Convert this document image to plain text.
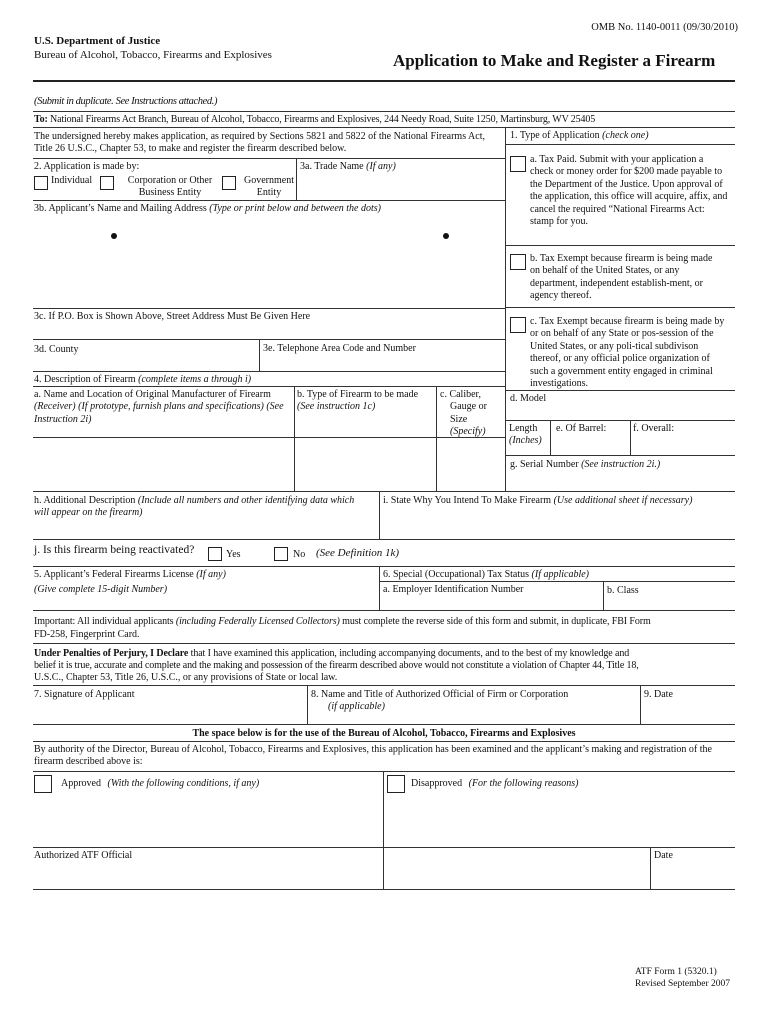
OMB No. 1140-0011 (09/30/2010)
U.S. Department of Justice
Bureau of Alcohol, Tobacco, Firearms and Explosives	Application to Make and Register a Firearm
(Submit in duplicate. See Instructions attached.)
To: National Firearms Act Branch, Bureau of Alcohol, Tobacco, Firearms and Explosives, 244 Needy Road, Suite 1250, Martinsburg, WV 25405
The undersigned hereby makes application, as required by Sections 5821 and 5822 of the National Firearms Act, Title 26 U.S.C., Chapter 53, to make and register the firearm described below.
1. Type of Application (check one)
a. Tax Paid. Submit with your application a check or money order for $200 made payable to the Department of the Justice. Upon approval of the application, this office will acquire, affix, and cancel the required “National Firearms Act: stamp for you.
b. Tax Exempt because firearm is being made on behalf of the United States, or any department, independent establish-ment, or agency thereof.
c. Tax Exempt because firearm is being made by or on behalf of any State or pos-session of the United States, or any poli-tical subdivison thereof, or any official police organization of such a government entity engaged in criminal investigations.
2. Application is made by:
Individual	Corporation or Other Business Entity
Government Entity
3a. Trade Name (If any)
3b. Applicant’s Name and Mailing Address (Type or print below and between the dots)
3c. If P.O. Box is Shown Above, Street Address Must Be Given Here
3d. County	3e. Telephone Area Code and Number
4. Description of Firearm (complete items a through i)
a. Name and Location of Original Manufacturer of Firearm (Receiver) (If prototype, furnish plans and specifications) (See Instruction 2i)
b. Type of Firearm to be made (See instruction 1c)
c. Caliber, Gauge or Size
(Specify)
d. Model
Length
(Inches)
e. Of Barrel:	f. Overall:
g. Serial Number (See instruction 2i.)
h. Additional Description (Include all numbers and other identifying data which will appear on the firearm)
i. State Why You Intend To Make Firearm (Use additional sheet if necessary)
j. Is this firearm being reactivated?	Yes	No (See Definition 1k)
5. Applicant’s Federal Firearms License (If any)
(Give complete 15-digit Number)
6. Special (Occupational) Tax Status (If applicable)
a. Employer Identification Number	b. Class
Important: All individual applicants (including Federally Licensed Collectors) must complete the reverse side of this form and submit, in duplicate, FBI Form
FD-258, Fingerprint Card.
Under Penalties of Perjury, I Declare that I have examined this application, including accompanying documents, and to the best of my knowledge and
belief it is true, accurate and complete and the making and possession of the firearm described above would not constitute a violation of Chapter 44, Title 18,
U.S.C., Chapter 53, Title 26, U.S.C., or any provisions of State or local law.
7. Signature of Applicant	8. Name and Title of Authorized Official of Firm or Corporation
(if applicable)
9. Date
The space below is for the use of the Bureau of Alcohol, Tobacco, Firearms and Explosives
By authority of the Director, Bureau of Alcohol, Tobacco, Firearms and Explosives, this application has been examined and the applicant’s making and registration of the firearm described above is:
Approved (With the following conditions, if any)	Disapproved (For the following reasons)
Authorized ATF Official	Date
ATF Form 1 (5320.1)
Revised September 2007
